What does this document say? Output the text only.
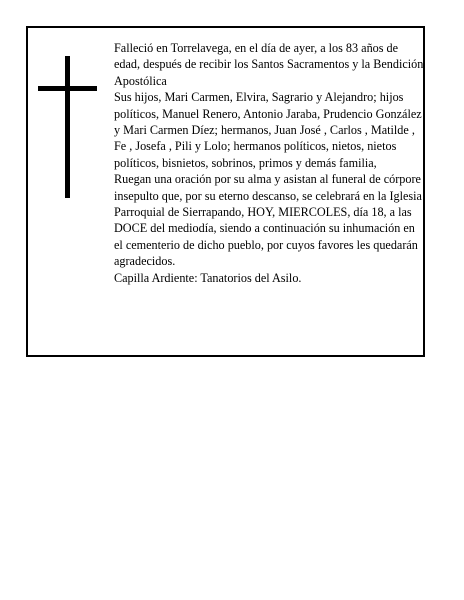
Falleció en Torrelavega, en el día de ayer, a los 83 años de edad, después de recibir los Santos Sacramentos y la Bendición Apostólica

Sus hijos, Mari Carmen, Elvira, Sagrario y Alejandro; hijos políticos, Manuel Renero, Antonio Jaraba, Prudencio González y Mari Carmen Díez; hermanos, Juan José , Carlos , Matilde , Fe , Josefa , Pili y Lolo; hermanos políticos, nietos, nietos políticos, bisnietos, sobrinos, primos y demás familia,

Ruegan una oración por su alma y asistan al funeral de córpore insepulto que, por su eterno descanso, se celebrará en la Iglesia Parroquial de Sierrapando, HOY, MIERCOLES, día 18, a las DOCE del mediodía, siendo a continuación su inhumación en el cementerio de dicho pueblo, por cuyos favores les quedarán agradecidos.

Capilla Ardiente: Tanatorios del Asilo.
